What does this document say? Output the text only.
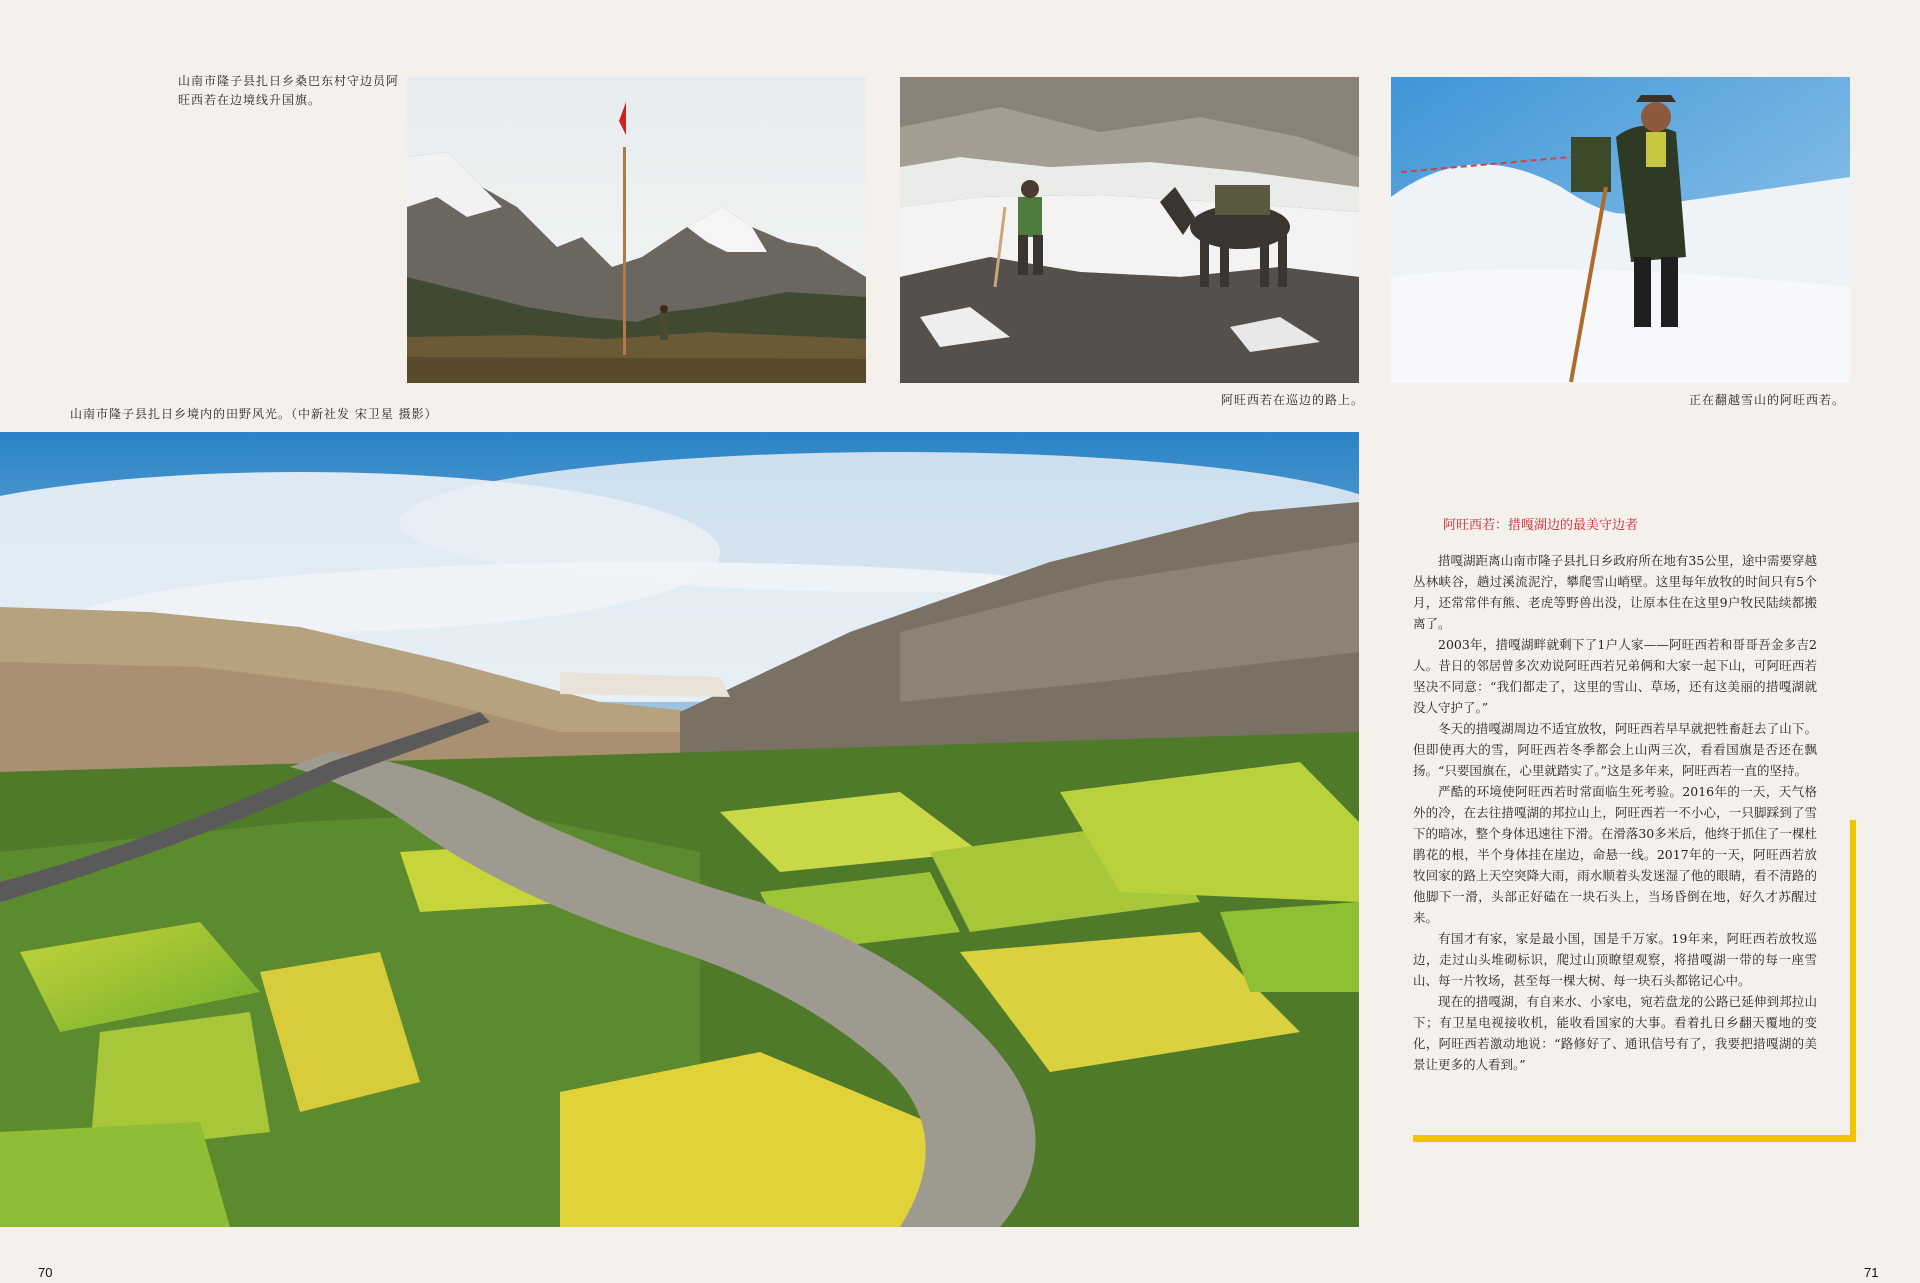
山南市隆子县扎日乡桑巴东村守边员阿旺西若在边境线升国旗。
山南市隆子县扎日乡境内的田野风光。（中新社发 宋卫星 摄影）
阿旺西若在巡边的路上。	正在翻越雪山的阿旺西若。
阿旺西若：措嘎湖边的最美守边者

措嘎湖距离山南市隆子县扎日乡政府所在地有35公里，途中需要穿越丛林峡谷，趟过溪流泥泞，攀爬雪山峭壁。这里每年放牧的时间只有5个月，还常常伴有熊、老虎等野兽出没，让原本住在这里9户牧民陆续都搬离了。

2003年，措嘎湖畔就剩下了1户人家——阿旺西若和哥哥吾金多吉2人。昔日的邻居曾多次劝说阿旺西若兄弟俩和大家一起下山，可阿旺西若坚决不同意：“我们都走了，这里的雪山、草场，还有这美丽的措嘎湖就没人守护了。”

冬天的措嘎湖周边不适宜放牧，阿旺西若早早就把牲畜赶去了山下。但即使再大的雪，阿旺西若冬季都会上山两三次，看看国旗是否还在飘扬。“只要国旗在，心里就踏实了。”这是多年来，阿旺西若一直的坚持。

严酷的环境使阿旺西若时常面临生死考验。2016年的一天，天气格外的冷，在去往措嘎湖的邦拉山上，阿旺西若一不小心，一只脚踩到了雪下的暗冰，整个身体迅速往下滑。在滑落30多米后，他终于抓住了一棵杜鹃花的根，半个身体挂在崖边，命悬一线。2017年的一天，阿旺西若放牧回家的路上天空突降大雨，雨水顺着头发迷湿了他的眼睛，看不清路的他脚下一滑，头部正好磕在一块石头上，当场昏倒在地，好久才苏醒过来。

有国才有家，家是最小国，国是千万家。19年来，阿旺西若放牧巡边，走过山头堆砌标识，爬过山顶瞭望观察，将措嘎湖一带的每一座雪山、每一片牧场，甚至每一棵大树、每一块石头都铭记心中。

现在的措嘎湖，有自来水、小家电，宛若盘龙的公路已延伸到邦拉山下；有卫星电视接收机，能收看国家的大事。看着扎日乡翻天覆地的变化，阿旺西若激动地说：“路修好了、通讯信号有了，我要把措嘎湖的美景让更多的人看到。”

70	71
